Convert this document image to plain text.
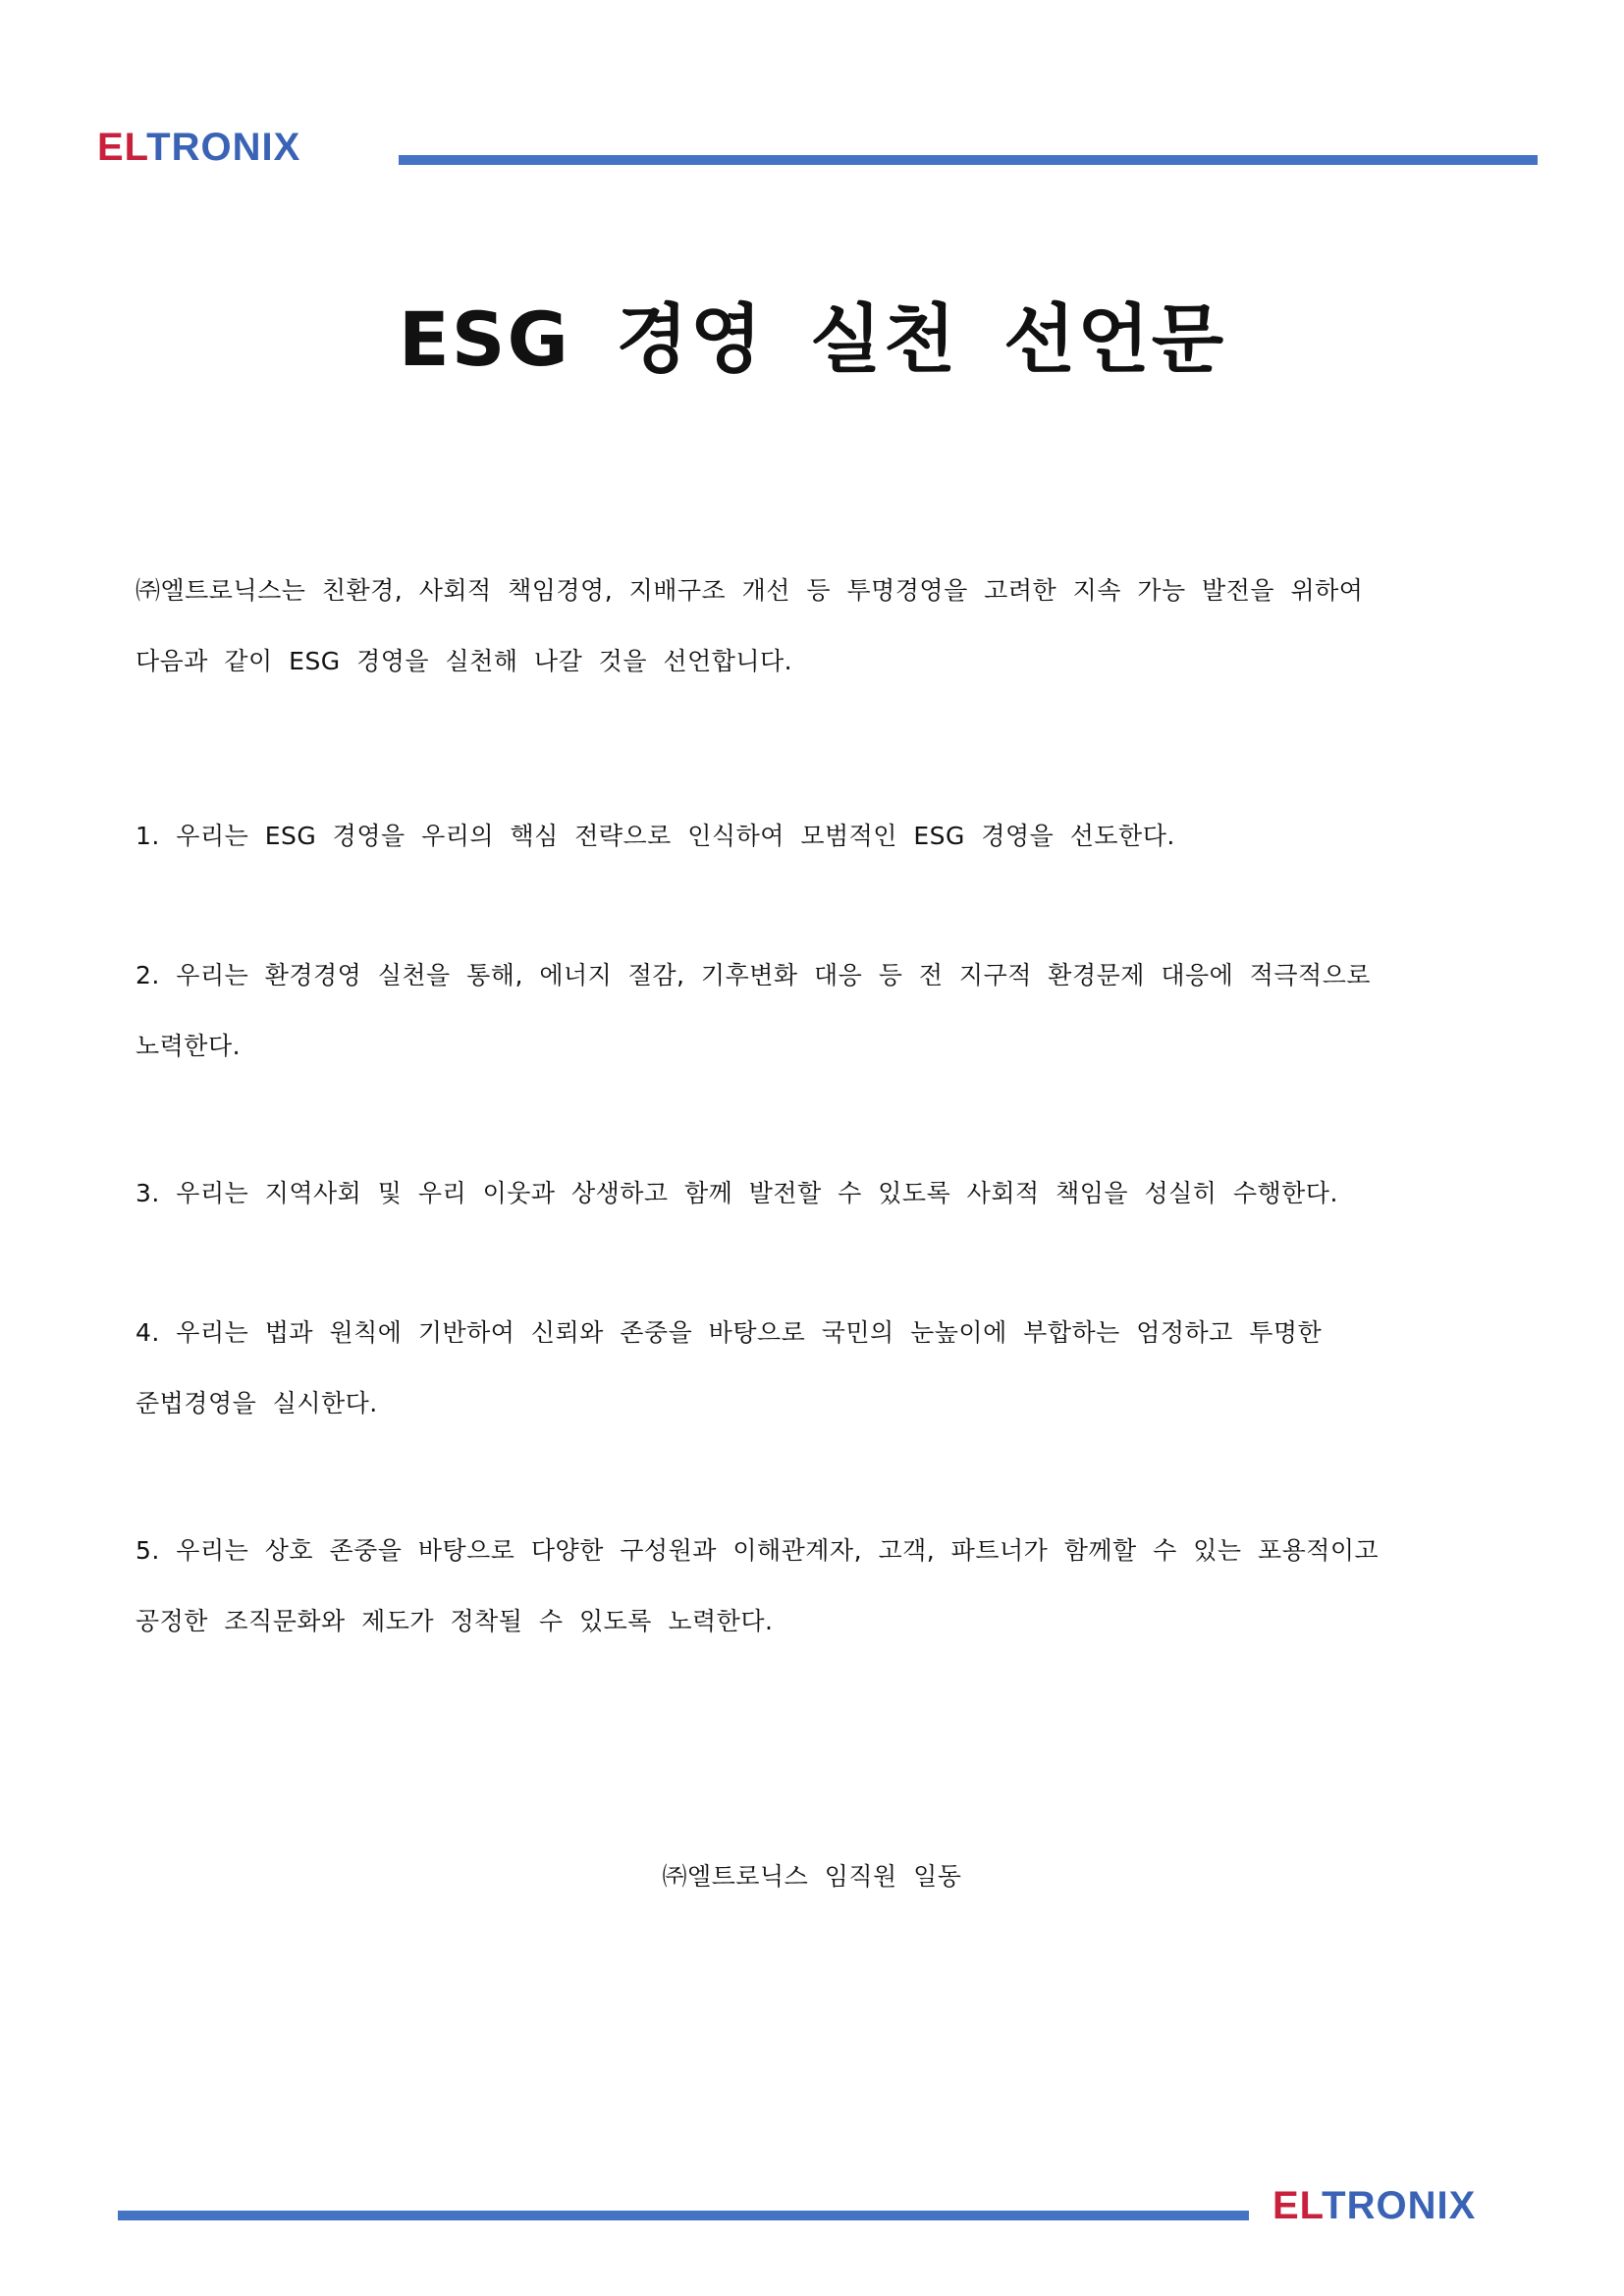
ELTRONIX
ESG 경영 실천 선언문
㈜엘트로닉스는 친환경, 사회적 책임경영, 지배구조 개선 등 투명경영을 고려한 지속 가능 발전을 위하여
다음과 같이 ESG 경영을 실천해 나갈 것을 선언합니다.
1. 우리는 ESG 경영을 우리의 핵심 전략으로 인식하여 모범적인 ESG 경영을 선도한다.
2. 우리는 환경경영 실천을 통해, 에너지 절감, 기후변화 대응 등 전 지구적 환경문제 대응에 적극적으로
노력한다.
3. 우리는 지역사회 및 우리 이웃과 상생하고 함께 발전할 수 있도록 사회적 책임을 성실히 수행한다.
4. 우리는 법과 원칙에 기반하여 신뢰와 존중을 바탕으로 국민의 눈높이에 부합하는 엄정하고 투명한
준법경영을 실시한다.
5. 우리는 상호 존중을 바탕으로 다양한 구성원과 이해관계자, 고객, 파트너가 함께할 수 있는 포용적이고
공정한 조직문화와 제도가 정착될 수 있도록 노력한다.
㈜엘트로닉스 임직원 일동
ELTRONIX
